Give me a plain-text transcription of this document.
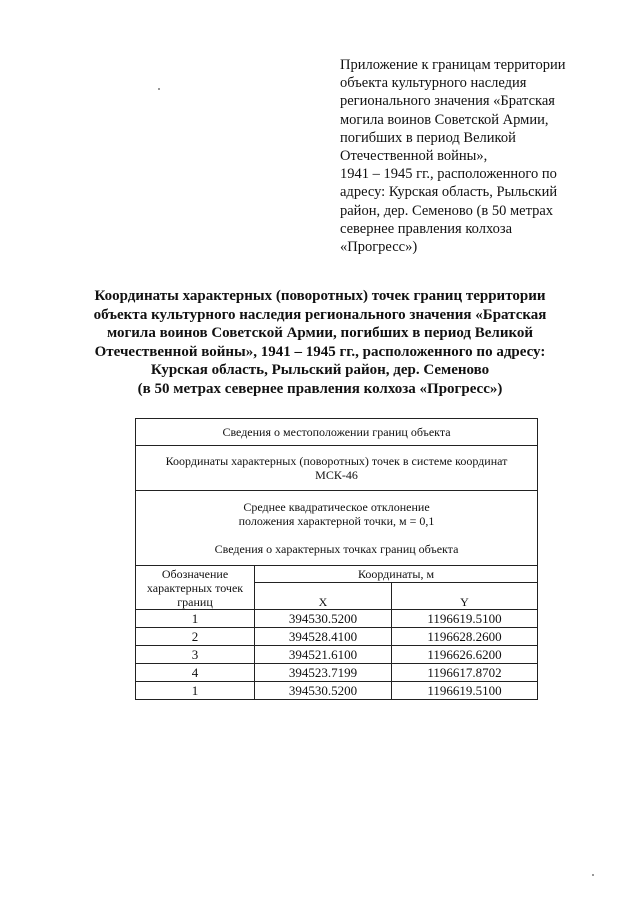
Приложение к границам территории
объекта культурного наследия
регионального значения «Братская
могила воинов Советской Армии,
погибших в период Великой
Отечественной войны»,
1941 – 1945 гг., расположенного по
адресу: Курская область, Рыльский
район, дер. Семеново (в 50 метрах
севернее правления колхоза
«Прогресс»)
Координаты характерных (поворотных) точек границ территории
объекта культурного наследия регионального значения «Братская
могила воинов Советской Армии, погибших в период Великой
Отечественной войны», 1941 – 1945 гг., расположенного по адресу:
Курская область, Рыльский район, дер. Семеново
(в 50 метрах севернее правления колхоза «Прогресс»)
Сведения о местоположении границ объекта		

Координаты характерных (поворотных) точек в системе координат
МСК-46		

Среднее квадратическое отклонение
положения характерной точки, м = 0,1
Сведения о характерных точках границ объекта		

Обозначение характерных точек границ	Координаты, м	
	X	Y
1	394530.5200	1196619.5100
2	394528.4100	1196628.2600
3	394521.6100	1196626.6200
4	394523.7199	1196617.8702
1	394530.5200	1196619.5100
